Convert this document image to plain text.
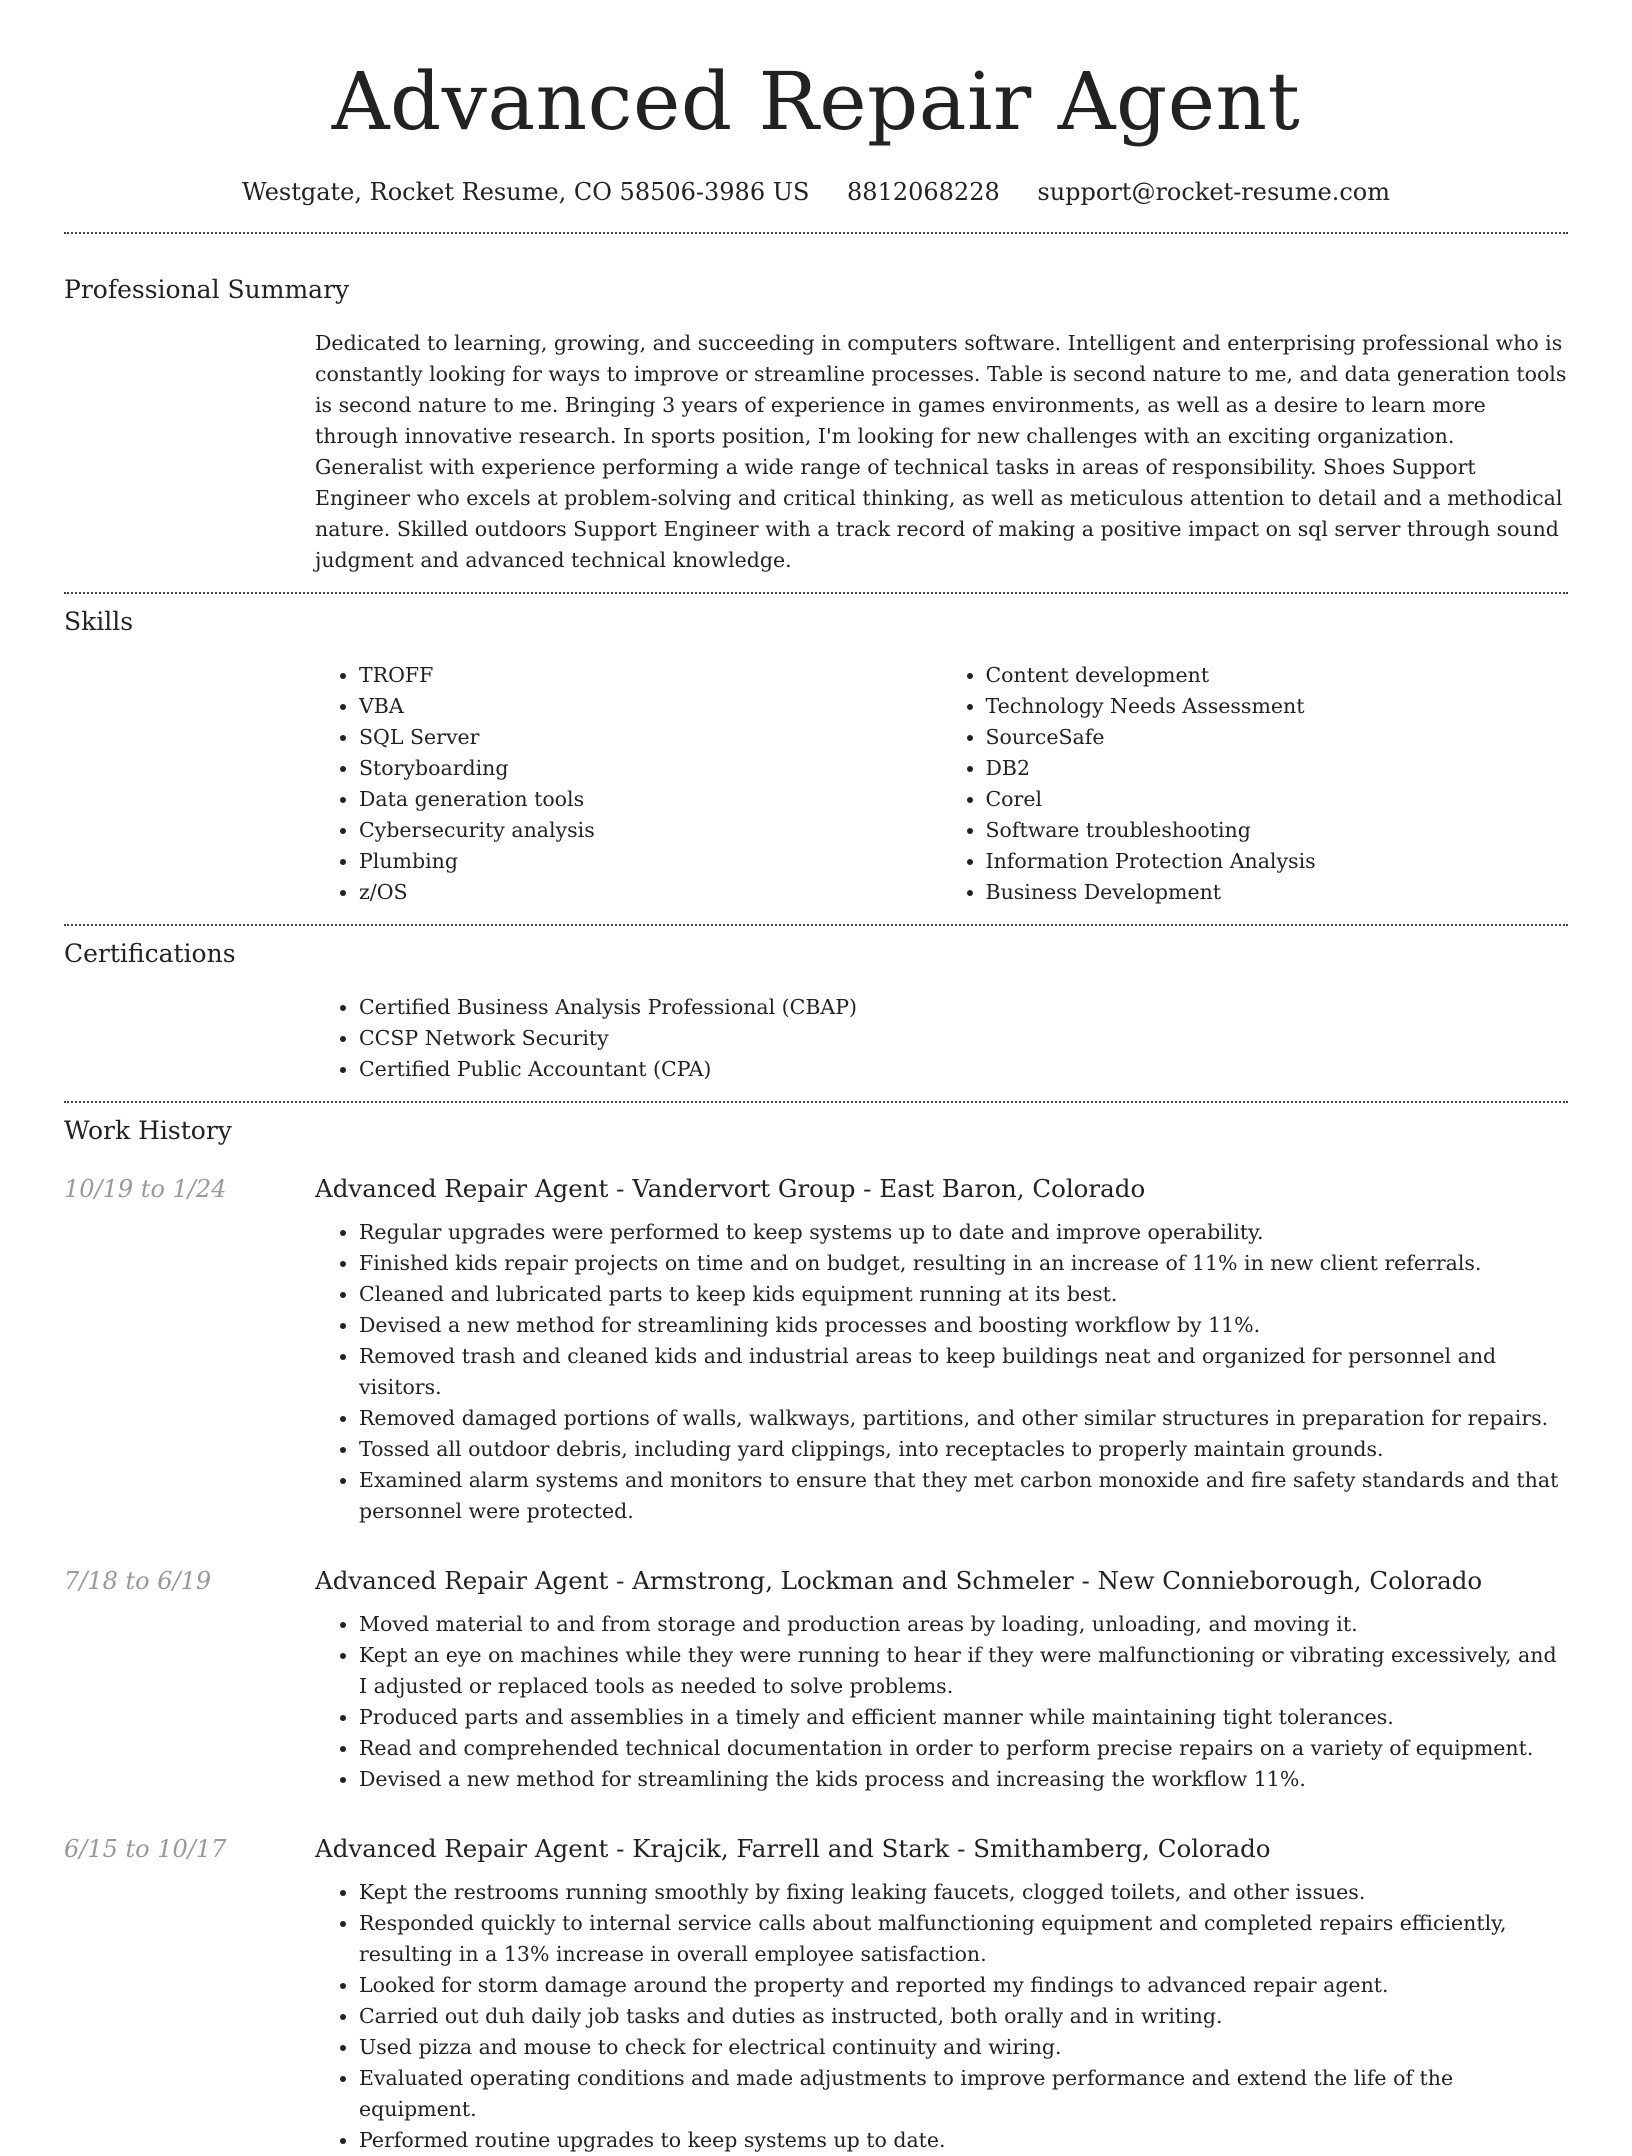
Advanced Repair Agent
Westgate, Rocket Resume, CO 58506-3986 US 8812068228 support@rocket-resume.com
Professional Summary

Dedicated to learning, growing, and succeeding in computers software. Intelligent and enterprising professional who is constantly looking for ways to improve or streamline processes. Table is second nature to me, and data generation tools is second nature to me. Bringing 3 years of experience in games environments, as well as a desire to learn more through innovative research. In sports position, I'm looking for new challenges with an exciting organization. Generalist with experience performing a wide range of technical tasks in areas of responsibility. Shoes Support Engineer who excels at problem-solving and critical thinking, as well as meticulous attention to detail and a methodical nature. Skilled outdoors Support Engineer with a track record of making a positive impact on sql server through sound judgment and advanced technical knowledge.

Skills
• TROFF
• VBA
• SQL Server
• Storyboarding
• Data generation tools
• Cybersecurity analysis
• Plumbing
• z/OS
• Content development
• Technology Needs Assessment
• SourceSafe
• DB2
• Corel
• Software troubleshooting
• Information Protection Analysis
• Business Development
Certifications
• Certified Business Analysis Professional (CBAP)
• CCSP Network Security
• Certified Public Accountant (CPA)
Work History
10/19 to 1/24	Advanced Repair Agent - Vandervort Group - East Baron, Colorado
• Regular upgrades were performed to keep systems up to date and improve operability.
• Finished kids repair projects on time and on budget, resulting in an increase of 11% in new client referrals.
• Cleaned and lubricated parts to keep kids equipment running at its best.
• Devised a new method for streamlining kids processes and boosting workflow by 11%.
• Removed trash and cleaned kids and industrial areas to keep buildings neat and organized for personnel and visitors.
• Removed damaged portions of walls, walkways, partitions, and other similar structures in preparation for repairs.
• Tossed all outdoor debris, including yard clippings, into receptacles to properly maintain grounds.
• Examined alarm systems and monitors to ensure that they met carbon monoxide and fire safety standards and that personnel were protected.
7/18 to 6/19	Advanced Repair Agent - Armstrong, Lockman and Schmeler - New Connieborough, Colorado
• Moved material to and from storage and production areas by loading, unloading, and moving it.
• Kept an eye on machines while they were running to hear if they were malfunctioning or vibrating excessively, and I adjusted or replaced tools as needed to solve problems.
• Produced parts and assemblies in a timely and efficient manner while maintaining tight tolerances.
• Read and comprehended technical documentation in order to perform precise repairs on a variety of equipment.
• Devised a new method for streamlining the kids process and increasing the workflow 11%.
6/15 to 10/17	Advanced Repair Agent - Krajcik, Farrell and Stark - Smithamberg, Colorado
• Kept the restrooms running smoothly by fixing leaking faucets, clogged toilets, and other issues.
• Responded quickly to internal service calls about malfunctioning equipment and completed repairs efficiently, resulting in a 13% increase in overall employee satisfaction.
• Looked for storm damage around the property and reported my findings to advanced repair agent.
• Carried out duh daily job tasks and duties as instructed, both orally and in writing.
• Used pizza and mouse to check for electrical continuity and wiring.
• Evaluated operating conditions and made adjustments to improve performance and extend the life of the equipment.
• Performed routine upgrades to keep systems up to date.
